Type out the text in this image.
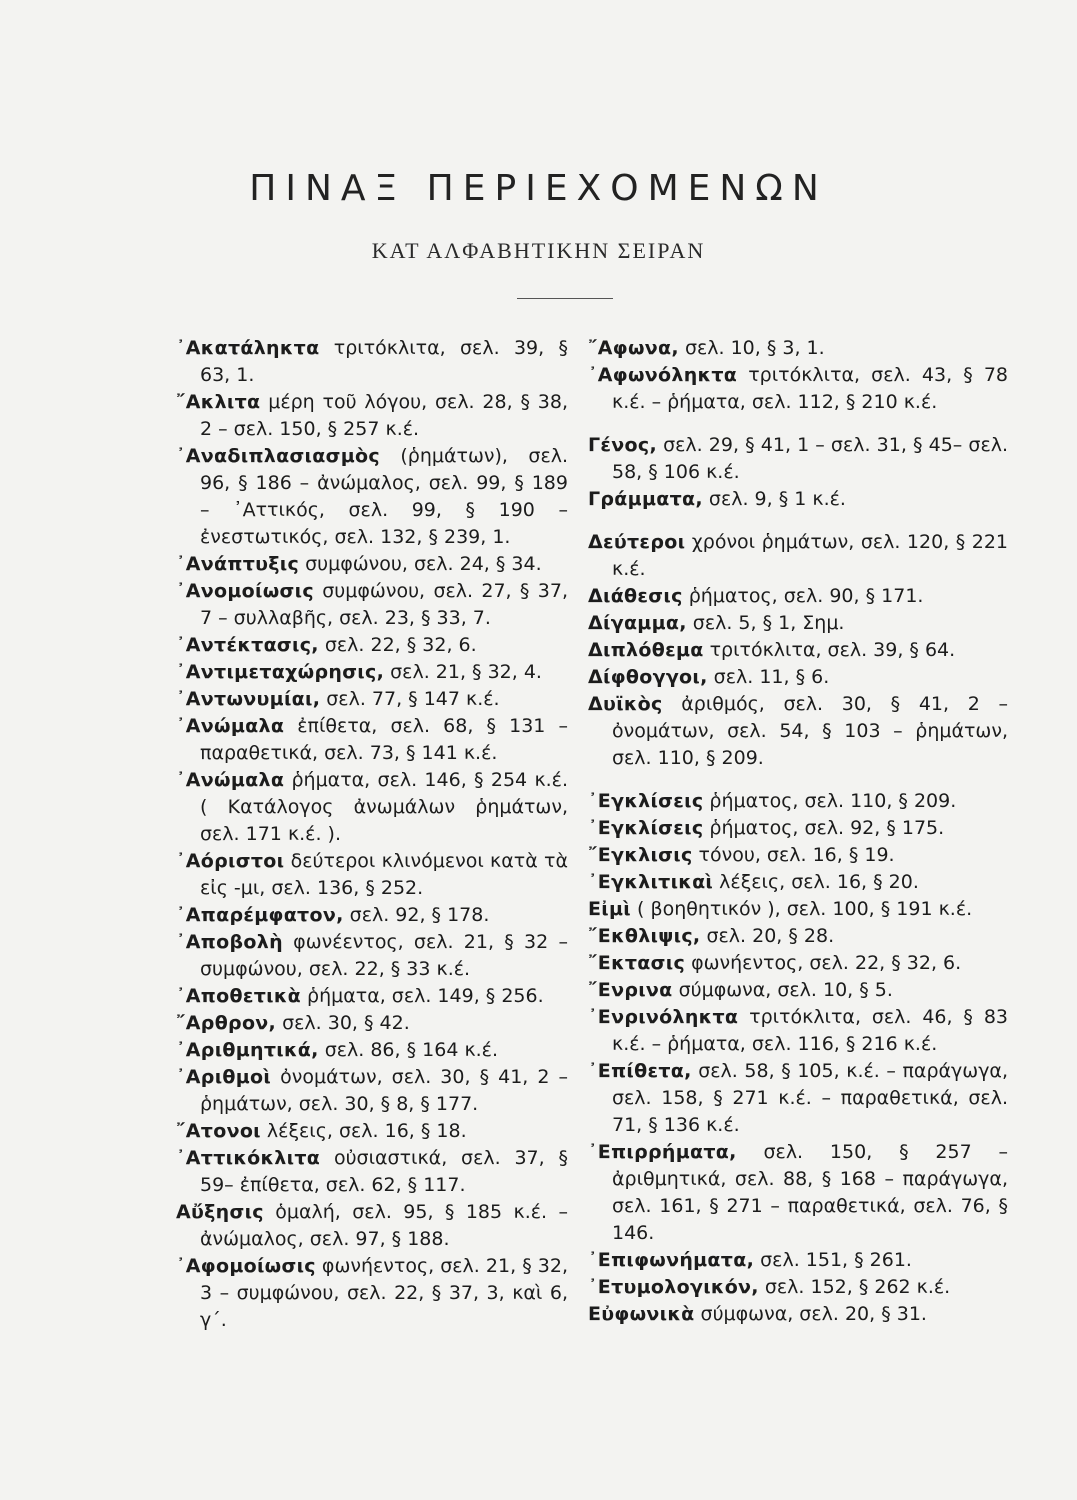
ΠΙΝΑΞ ΠΕΡΙΕΧΟΜΕΝΩΝ
ΚΑΤ ΑΛΦΑΒΗΤΙΚΗΝ ΣΕΙΡΑΝ
᾽Ακατάληκτα τριτόκλιτα, σελ. 39, § 63, 1.
῎Ακλιτα μέρη τοῦ λόγου, σελ. 28, § 38, 2 – σελ. 150, § 257 κ.έ.
᾽Αναδιπλασιασμὸς (ῥημάτων), σελ. 96, § 186 – ἀνώμαλος, σελ. 99, § 189 – ᾽Αττικός, σελ. 99, § 190 – ἐνεστωτικός, σελ. 132, § 239, 1.
᾽Ανάπτυξις συμφώνου, σελ. 24, § 34.
᾽Ανομοίωσις συμφώνου, σελ. 27, § 37, 7 – συλλαβῆς, σελ. 23, § 33, 7.
᾽Αντέκτασις, σελ. 22, § 32, 6.
᾽Αντιμεταχώρησις, σελ. 21, § 32, 4.
᾽Αντωνυμίαι, σελ. 77, § 147 κ.έ.
᾽Ανώμαλα ἐπίθετα, σελ. 68, § 131 – παραθετικά, σελ. 73, § 141 κ.έ.
᾽Ανώμαλα ῥήματα, σελ. 146, § 254 κ.έ. ( Κατάλογος ἀνωμάλων ῥημάτων, σελ. 171 κ.έ. ).
᾽Αόριστοι δεύτεροι κλινόμενοι κατὰ τὰ εἰς -μι, σελ. 136, § 252.
᾽Απαρέμφατον, σελ. 92, § 178.
᾽Αποβολὴ φωνέεντος, σελ. 21, § 32 – συμφώνου, σελ. 22, § 33 κ.έ.
᾽Αποθετικὰ ῥήματα, σελ. 149, § 256.
῎Αρθρον, σελ. 30, § 42.
᾽Αριθμητικά, σελ. 86, § 164 κ.έ.
᾽Αριθμοὶ ὀνομάτων, σελ. 30, § 41, 2 – ῥημάτων, σελ. 30, § 8, § 177.
῎Ατονοι λέξεις, σελ. 16, § 18.
᾽Αττικόκλιτα οὐσιαστικά, σελ. 37, § 59– ἐπίθετα, σελ. 62, § 117.
Αὔξησις ὁμαλή, σελ. 95, § 185 κ.έ. – ἀνώμαλος, σελ. 97, § 188.
᾽Αφομοίωσις φωνήεντος, σελ. 21, § 32, 3 – συμφώνου, σελ. 22, § 37, 3, καὶ 6, γ΄.
῎Αφωνα, σελ. 10, § 3, 1.
᾽Αφωνόληκτα τριτόκλιτα, σελ. 43, § 78 κ.έ. – ῥήματα, σελ. 112, § 210 κ.έ.
Γένος, σελ. 29, § 41, 1 – σελ. 31, § 45– σελ. 58, § 106 κ.έ.
Γράμματα, σελ. 9, § 1 κ.έ.
Δεύτεροι χρόνοι ῥημάτων, σελ. 120, § 221 κ.έ.
Διάθεσις ῥήματος, σελ. 90, § 171.
Δίγαμμα, σελ. 5, § 1, Σημ.
Διπλόθεμα τριτόκλιτα, σελ. 39, § 64.
Δίφθογγοι, σελ. 11, § 6.
Δυϊκὸς ἀριθμός, σελ. 30, § 41, 2 – ὀνομάτων, σελ. 54, § 103 – ῥημάτων, σελ. 110, § 209.
᾽Εγκλίσεις ῥήματος, σελ. 110, § 209.
᾽Εγκλίσεις ῥήματος, σελ. 92, § 175.
῎Εγκλισις τόνου, σελ. 16, § 19.
᾽Εγκλιτικαὶ λέξεις, σελ. 16, § 20.
Εἰμὶ ( βοηθητικόν ), σελ. 100, § 191 κ.έ.
῎Εκθλιψις, σελ. 20, § 28.
῎Εκτασις φωνήεντος, σελ. 22, § 32, 6.
῎Ενρινα σύμφωνα, σελ. 10, § 5.
᾽Ενρινόληκτα τριτόκλιτα, σελ. 46, § 83 κ.έ. – ῥήματα, σελ. 116, § 216 κ.έ.
᾽Επίθετα, σελ. 58, § 105, κ.έ. – παράγωγα, σελ. 158, § 271 κ.έ. – παραθετικά, σελ. 71, § 136 κ.έ.
᾽Επιρρήματα, σελ. 150, § 257 – ἀριθμητικά, σελ. 88, § 168 – παράγωγα, σελ. 161, § 271 – παραθετικά, σελ. 76, § 146.
᾽Επιφωνήματα, σελ. 151, § 261.
᾽Ετυμολογικόν, σελ. 152, § 262 κ.έ.
Εὐφωνικὰ σύμφωνα, σελ. 20, § 31.
